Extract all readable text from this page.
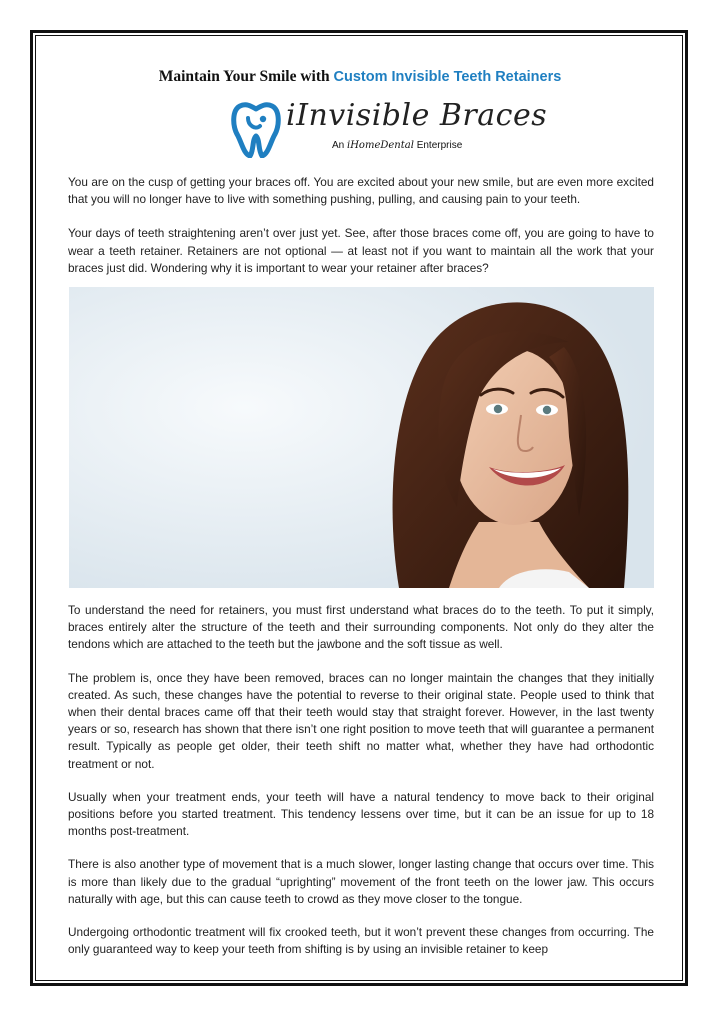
Maintain Your Smile with Custom Invisible Teeth Retainers
iInvisible Braces
An iHomeDental Enterprise

You are on the cusp of getting your braces off. You are excited about your new smile, but are even more excited that you will no longer have to live with something pushing, pulling, and causing pain to your teeth.

Your days of teeth straightening aren’t over just yet. See, after those braces come off, you are going to have to wear a teeth retainer. Retainers are not optional — at least not if you want to maintain all the work that your braces just did. Wondering why it is important to wear your retainer after braces?

To understand the need for retainers, you must first understand what braces do to the teeth. To put it simply, braces entirely alter the structure of the teeth and their surrounding components. Not only do they alter the tendons which are attached to the teeth but the jawbone and the soft tissue as well.

The problem is, once they have been removed, braces can no longer maintain the changes that they initially created. As such, these changes have the potential to reverse to their original state. People used to think that when their dental braces came off that their teeth would stay that straight forever. However, in the last twenty years or so, research has shown that there isn’t one right position to move teeth that will guarantee a permanent result. Typically as people get older, their teeth shift no matter what, whether they have had orthodontic treatment or not.

Usually when your treatment ends, your teeth will have a natural tendency to move back to their original positions before you started treatment. This tendency lessens over time, but it can be an issue for up to 18 months post-treatment.

There is also another type of movement that is a much slower, longer lasting change that occurs over time. This is more than likely due to the gradual “uprighting” movement of the front teeth on the lower jaw. This occurs naturally with age, but this can cause teeth to crowd as they move closer to the tongue.

Undergoing orthodontic treatment will fix crooked teeth, but it won’t prevent these changes from occurring. The only guaranteed way to keep your teeth from shifting is by using an invisible retainer to keep
